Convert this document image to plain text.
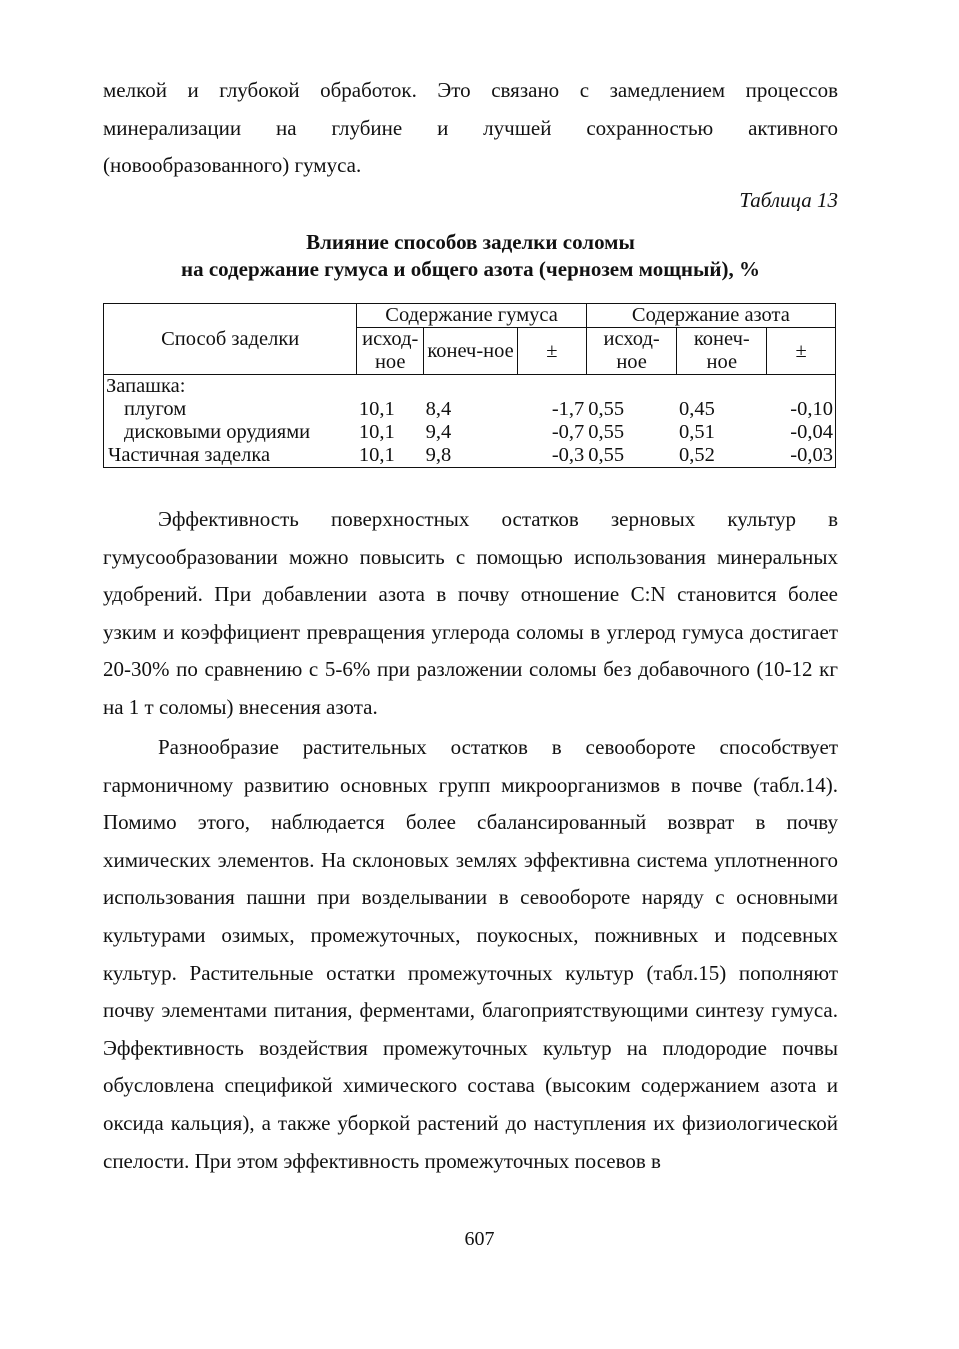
мелкой и глубокой обработок. Это связано с замедлением процессов минерализации на глубине и лучшей сохранностью активного (новообразованного) гумуса.

Таблица 13
Влияние способов заделки соломы
на содержание гумуса и общего азота (чернозем мощный), %
Способ заделки	Содержание гумуса			Содержание азота		
	исход-ное	конеч-ное	±	исход-ное	конеч-ное	±
Запашка:						
плугом	10,1	8,4	-1,7	0,55	0,45	-0,10
дисковыми орудиями	10,1	9,4	-0,7	0,55	0,51	-0,04
Частичная заделка	10,1	9,8	-0,3	0,55	0,52	-0,03

Эффективность поверхностных остатков зерновых культур в гумусообразовании можно повысить с помощью использования минеральных удобрений. При добавлении азота в почву отношение C:N становится более узким и коэффициент превращения углерода соломы в углерод гумуса достигает 20-30% по сравнению с 5-6% при разложении соломы без добавочного (10-12 кг на 1 т соломы) внесения азота.

Разнообразие растительных остатков в севообороте способствует гармоничному развитию основных групп микроорганизмов в почве (табл.14). Помимо этого, наблюдается более сбалансированный возврат в почву химических элементов. На склоновых землях эффективна система уплотненного использования пашни при возделывании в севообороте наряду с основными культурами озимых, промежуточных, поукосных, пожнивных и подсевных культур. Растительные остатки промежуточных культур (табл.15) пополняют почву элементами питания, ферментами, благоприятствующими синтезу гумуса. Эффективность воздействия промежуточных культур на плодородие почвы обусловлена спецификой химического состава (высоким содержанием азота и оксида кальция), а также уборкой растений до наступления их физиологической спелости. При этом эффективность промежуточных посевов в

607
